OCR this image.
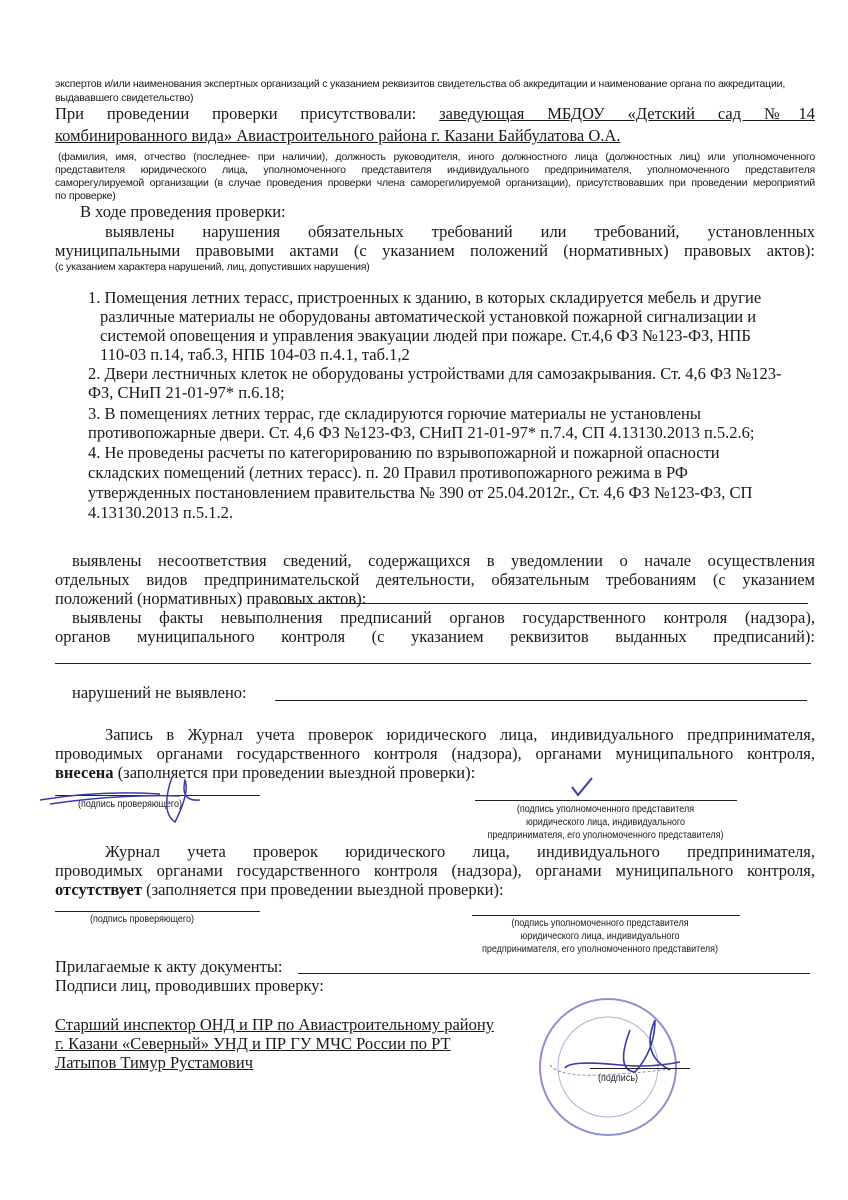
экспертов и/или наименования экспертных организаций с указанием реквизитов свидетельства об аккредитации и наименование органа по аккредитации,
выдававшего свидетельство)
При проведении проверки присутствовали: заведующая МБДОУ «Детский сад №14
комбинированного вида» Авиастроительного района г. Казани Байбулатова О.А.
(фамилия, имя, отчество (последнее- при наличии), должность руководителя, иного должностного лица (должностных лиц) или уполномоченного
представителя юридического лица, уполномоченного представителя индивидуального предпринимателя, уполномоченного представителя
саморегулируемой организации (в случае проведения проверки члена саморегилируемой организации), присутствовавших при проведении мероприятий
по проверке)
В ходе проведения проверки:
выявлены нарушения обязательных требований или требований, установленных
муниципальными правовыми актами (с указанием положений (нормативных) правовых актов):
(с указанием характера нарушений, лиц, допустивших нарушения)
1. Помещения летних терасс, пристроенных к зданию, в которых складируется мебель и другие
различные материалы не оборудованы автоматической установкой пожарной сигнализации и
системой оповещения и управления эвакуации людей при пожаре. Ст.4,6 ФЗ №123-ФЗ, НПБ
110-03 п.14, таб.3, НПБ 104-03 п.4.1, таб.1,2
2. Двери лестничных клеток не оборудованы устройствами для самозакрывания. Ст. 4,6 ФЗ №123-
ФЗ, СНиП 21-01-97* п.6.18;
3. В помещениях летних террас, где складируются горючие материалы не установлены
противопожарные двери. Ст. 4,6 ФЗ №123-ФЗ, СНиП 21-01-97* п.7.4, СП 4.13130.2013 п.5.2.6;
4. Не проведены расчеты по категорированию по взрывопожарной и пожарной опасности
складских помещений (летних терасс). п. 20 Правил противопожарного режима в РФ
утвержденных постановлением правительства № 390 от 25.04.2012г., Ст. 4,6 ФЗ №123-ФЗ, СП
4.13130.2013 п.5.1.2.
выявлены несоответствия сведений, содержащихся в уведомлении о начале осуществления
отдельных видов предпринимательской деятельности, обязательным требованиям (с указанием
положений (нормативных) правовых актов):
выявлены факты невыполнения предписаний органов государственного контроля (надзора),
органов муниципального контроля (с указанием реквизитов выданных предписаний):
нарушений не выявлено:
Запись в Журнал учета проверок юридического лица, индивидуального предпринимателя,
проводимых органами государственного контроля (надзора), органами муниципального контроля,
внесена (заполняется при проведении выездной проверки):
(подпись проверяющего)	(подпись уполномоченного представителя
юридического лица, индивидуального
предпринимателя, его уполномоченного представителя)
Журнал учета проверок юридического лица, индивидуального предпринимателя,
проводимых органами государственного контроля (надзора), органами муниципального контроля,
отсутствует (заполняется при проведении выездной проверки):
(подпись проверяющего)	(подпись уполномоченного представителя
юридического лица, индивидуального
предпринимателя, его уполномоченного представителя)
Прилагаемые к акту документы:
Подписи лиц, проводивших проверку:
Старший инспектор ОНД и ПР по Авиастроительному району
г. Казани «Северный» УНД и ПР ГУ МЧС России по РТ
Латыпов Тимур Рустамович
(подпись)
